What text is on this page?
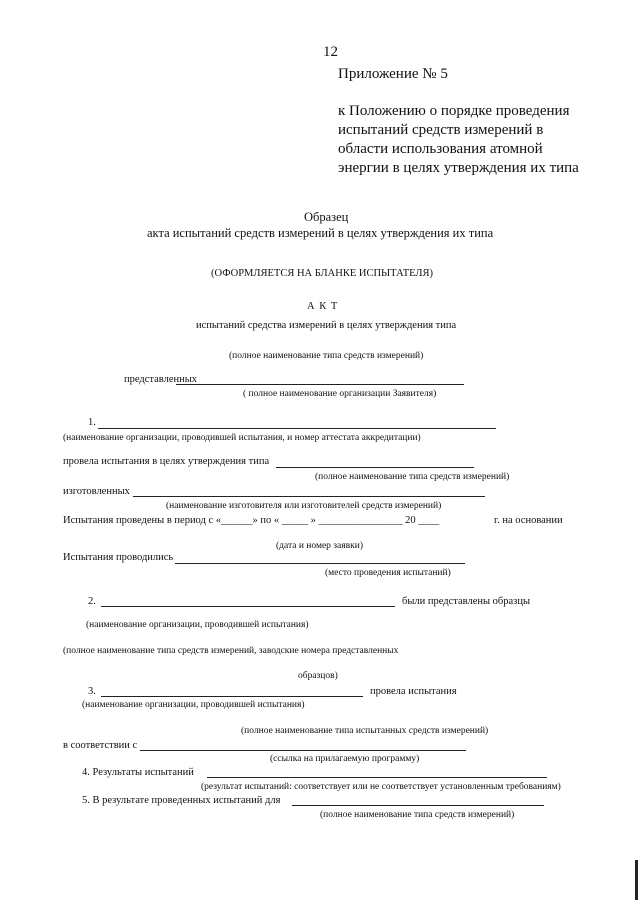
12
Приложение № 5
к Положению о порядке проведения
испытаний средств измерений в
области использования атомной
энергии в целях утверждения их типа
Образец
акта испытаний средств измерений в целях утверждения их типа
(ОФОРМЛЯЕТСЯ НА БЛАНКЕ ИСПЫТАТЕЛЯ)
А К Т
испытаний средства измерений в целях утверждения типа
(полное наименование типа средств измерений)
представленных
( полное наименование организации Заявителя)
1.
(наименование организации, проводившей испытания, и номер аттестата аккредитации)
провела испытания в целях утверждения типа
(полное наименование типа средств измерений)
изготовленных
(наименование изготовителя или изготовителей средств измерений)
Испытания проведены в период с «______» по « _____ » ________________ 20 ____	г. на основании
(дата и номер заявки)
Испытания проводились
(место проведения испытаний)
2.	были представлены образцы
(наименование организации, проводившей испытания)
(полное наименование типа средств измерений, заводские номера представленных
образцов)
3.	провела испытания
(наименование организации, проводившей испытания)
(полное наименование типа испытанных средств измерений)
в соответствии с
(ссылка на прилагаемую программу)
4. Результаты испытаний
(результат испытаний: соответствует или не соответствует установленным требованиям)
5. В результате проведенных испытаний для
(полное наименование типа средств измерений)
